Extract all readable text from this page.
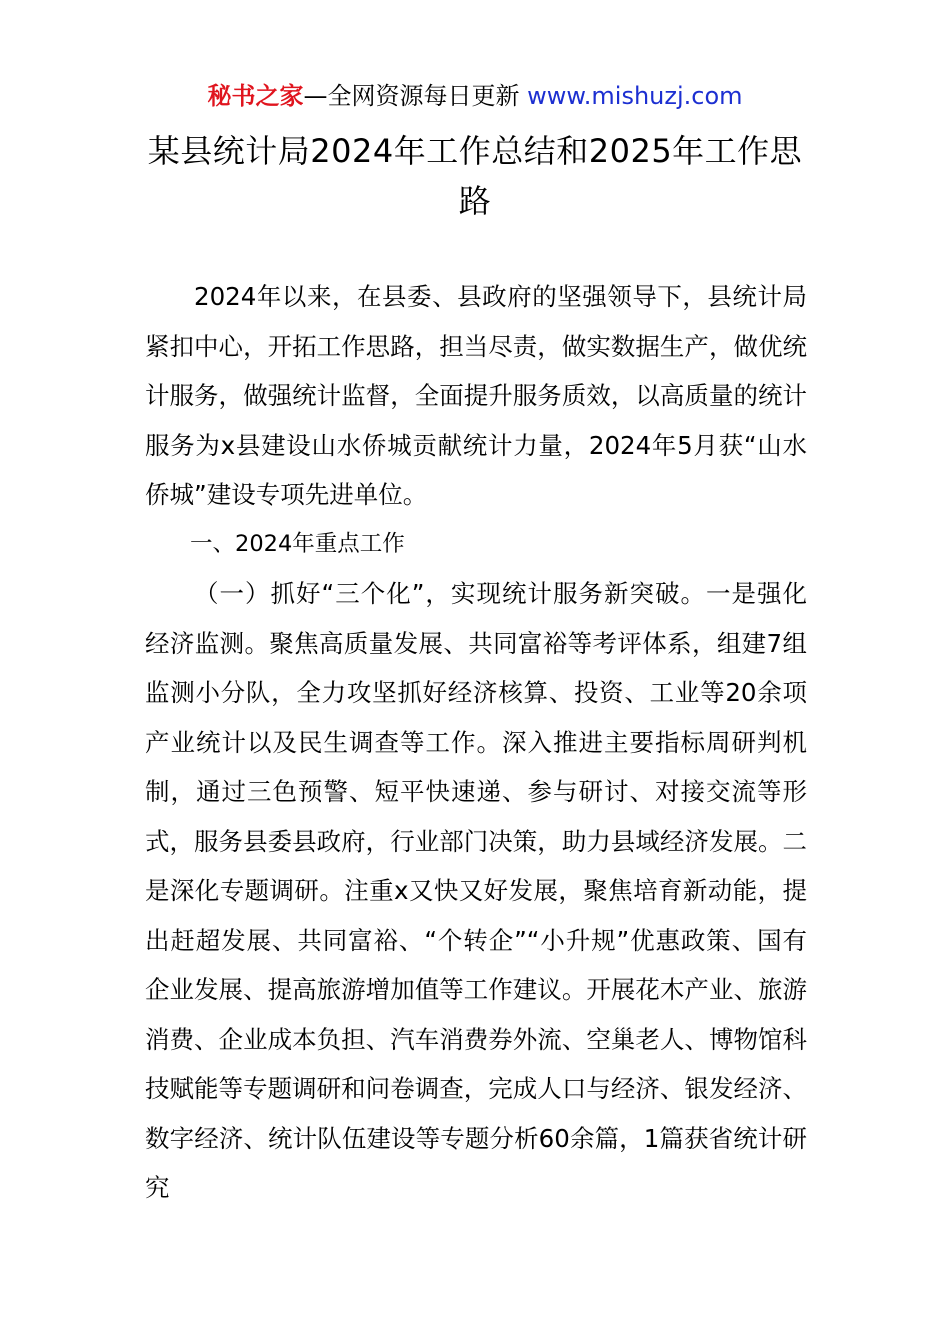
秘书之家—全网资源每日更新 www.mishuzj.com
某县统计局2024年工作总结和2025年工作思路

2024年以来，在县委、县政府的坚强领导下，县统计局紧扣中心，开拓工作思路，担当尽责，做实数据生产，做优统计服务，做强统计监督，全面提升服务质效，以高质量的统计服务为x县建设山水侨城贡献统计力量，2024年5月获“山水侨城”建设专项先进单位。

一、2024年重点工作

（一）抓好“三个化”，实现统计服务新突破。一是强化经济监测。聚焦高质量发展、共同富裕等考评体系，组建7组监测小分队，全力攻坚抓好经济核算、投资、工业等20余项产业统计以及民生调查等工作。深入推进主要指标周研判机制，通过三色预警、短平快速递、参与研讨、对接交流等形式，服务县委县政府，行业部门决策，助力县域经济发展。二是深化专题调研。注重x又快又好发展，聚焦培育新动能，提出赶超发展、共同富裕、“个转企”“小升规”优惠政策、国有企业发展、提高旅游增加值等工作建议。开展花木产业、旅游消费、企业成本负担、汽车消费券外流、空巢老人、博物馆科技赋能等专题调研和问卷调查，完成人口与经济、银发经济、数字经济、统计队伍建设等专题分析60余篇，1篇获省统计研究
